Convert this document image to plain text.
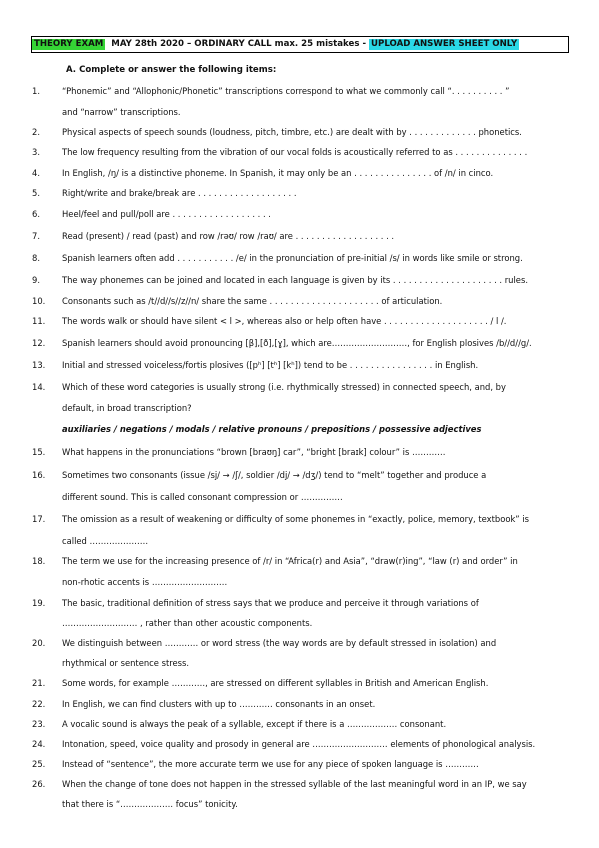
THEORY EXAM MAY 28th 2020 – ORDINARY CALL max. 25 mistakes - UPLOAD ANSWER SHEET ONLY
A. Complete or answer the following items:
1.	“Phonemic” and “Allophonic/Phonetic” transcriptions correspond to what we commonly call “. . . . . . . . . . ”
and “narrow” transcriptions.
2.	Physical aspects of speech sounds (loudness, pitch, timbre, etc.) are dealt with by . . . . . . . . . . . . . phonetics.
3.	The low frequency resulting from the vibration of our vocal folds is acoustically referred to as . . . . . . . . . . . . . .
4.	In English, /ŋ/ is a distinctive phoneme. In Spanish, it may only be an . . . . . . . . . . . . . . . of /n/ in cinco.
5.	Right/write and brake/break are . . . . . . . . . . . . . . . . . . .
6.	Heel/feel and pull/poll are . . . . . . . . . . . . . . . . . . .
7.	Read (present) / read (past) and row /rəʊ/ row /raʊ/ are . . . . . . . . . . . . . . . . . . .
8.	Spanish learners often add . . . . . . . . . . . /e/ in the pronunciation of pre-initial /s/ in words like smile or strong.
9.	The way phonemes can be joined and located in each language is given by its . . . . . . . . . . . . . . . . . . . . . rules.
10.	Consonants such as /t//d//s//z//n/ share the same . . . . . . . . . . . . . . . . . . . . . of articulation.
11.	The words walk or should have silent < l >, whereas also or help often have . . . . . . . . . . . . . . . . . . . . / l /.
12.	Spanish learners should avoid pronouncing [β],[ð],[ɣ], which are………………………, for English plosives /b//d//g/.
13.	Initial and stressed voiceless/fortis plosives ([pʰ] [tʰ] [kʰ]) tend to be . . . . . . . . . . . . . . . . in English.
14.	Which of these word categories is usually strong (i.e. rhythmically stressed) in connected speech, and, by
default, in broad transcription?
auxiliaries / negations / modals / relative pronouns / prepositions / possessive adjectives
15.	What happens in the pronunciations “brown [braʊŋ] car”, “bright [braɪk] colour” is …………
16.	Sometimes two consonants (issue /sj/ → /ʃ/, soldier /dj/ → /dʒ/) tend to “melt” together and produce a
different sound. This is called consonant compression or ……………
17.	The omission as a result of weakening or difficulty of some phonemes in “exactly, police, memory, textbook” is
called …………………
18.	The term we use for the increasing presence of /r/ in “Africa(r) and Asia”, “draw(r)ing”, “law (r) and order” in
non-rhotic accents is ………………………
19.	The basic, traditional definition of stress says that we produce and perceive it through variations of
……………………… , rather than other acoustic components.
20.	We distinguish between ………… or word stress (the way words are by default stressed in isolation) and
rhythmical or sentence stress.
21.	Some words, for example …………, are stressed on different syllables in British and American English.
22.	In English, we can find clusters with up to ………… consonants in an onset.
23.	A vocalic sound is always the peak of a syllable, except if there is a ……………… consonant.
24.	Intonation, speed, voice quality and prosody in general are ……………………… elements of phonological analysis.
25.	Instead of “sentence”, the more accurate term we use for any piece of spoken language is …………
26.	When the change of tone does not happen in the stressed syllable of the last meaningful word in an IP, we say
that there is “………………. focus” tonicity.
